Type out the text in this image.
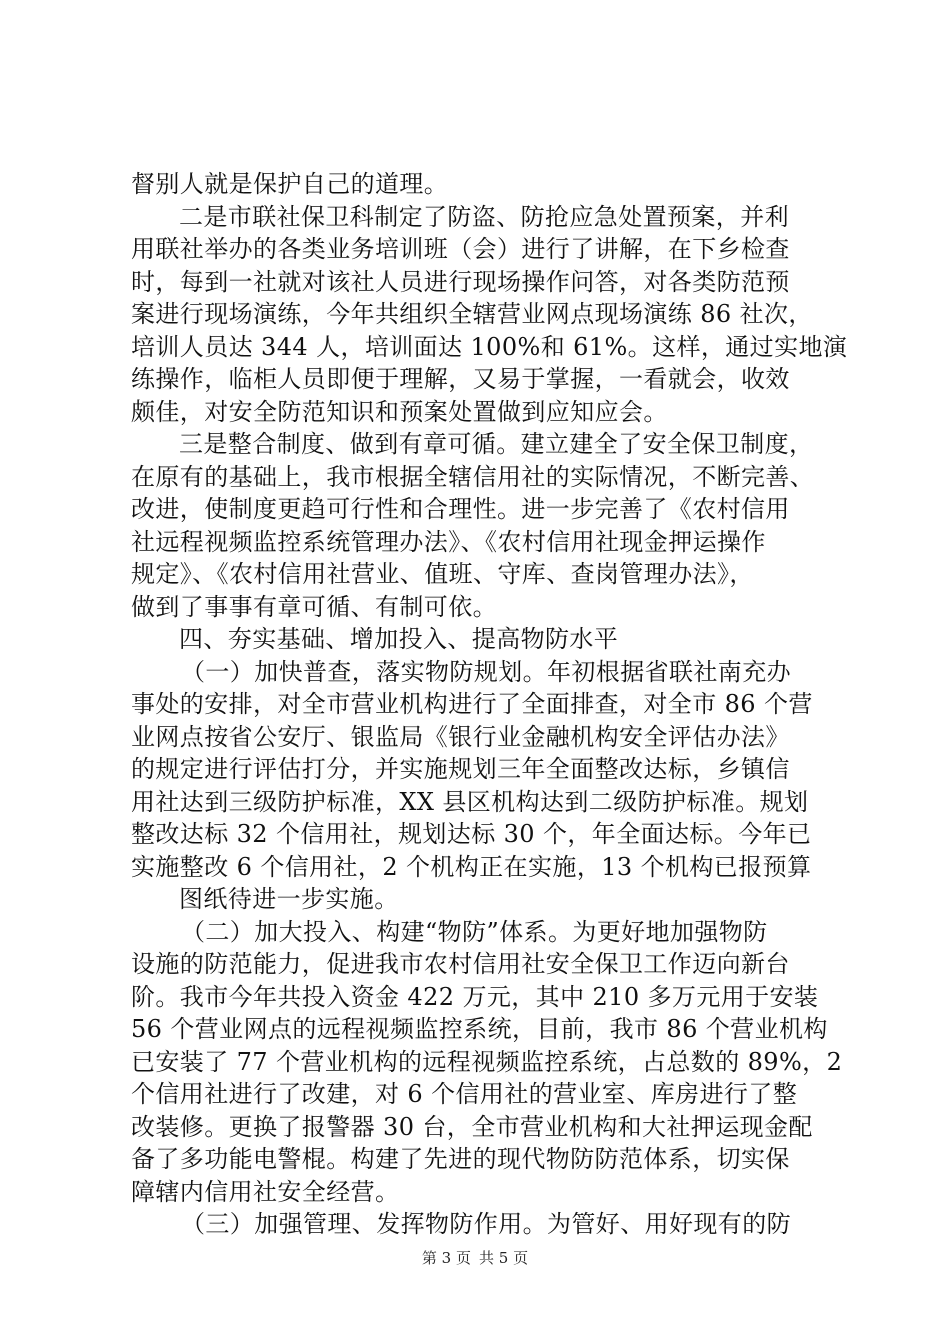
督别人就是保护自己的道理。
二是市联社保卫科制定了防盗、防抢应急处置预案，并利
用联社举办的各类业务培训班（会）进行了讲解，在下乡检查
时，每到一社就对该社人员进行现场操作问答，对各类防范预
案进行现场演练，今年共组织全辖营业网点现场演练 86 社次，
培训人员达 344 人，培训面达 100%和 61%。这样，通过实地演
练操作，临柜人员即便于理解，又易于掌握，一看就会，收效
颇佳，对安全防范知识和预案处置做到应知应会。
三是整合制度、做到有章可循。建立建全了安全保卫制度，
在原有的基础上，我市根据全辖信用社的实际情况，不断完善、
改进，使制度更趋可行性和合理性。进一步完善了《农村信用
社远程视频监控系统管理办法》、《农村信用社现金押运操作
规定》、《农村信用社营业、值班、守库、查岗管理办法》，
做到了事事有章可循、有制可依。
四、夯实基础、增加投入、提高物防水平
（一）加快普查，落实物防规划。年初根据省联社南充办
事处的安排，对全市营业机构进行了全面排查，对全市 86 个营
业网点按省公安厅、银监局《银行业金融机构安全评估办法》
的规定进行评估打分，并实施规划三年全面整改达标，乡镇信
用社达到三级防护标准，XX 县区机构达到二级防护标准。规划
整改达标 32 个信用社，规划达标 30 个，年全面达标。今年已
实施整改 6 个信用社，2 个机构正在实施，13 个机构已报预算
图纸待进一步实施。
（二）加大投入、构建“物防”体系。为更好地加强物防
设施的防范能力，促进我市农村信用社安全保卫工作迈向新台
阶。我市今年共投入资金 422 万元，其中 210 多万元用于安装
56 个营业网点的远程视频监控系统，目前，我市 86 个营业机构
已安装了 77 个营业机构的远程视频监控系统，占总数的 89%，2
个信用社进行了改建，对 6 个信用社的营业室、库房进行了整
改装修。更换了报警器 30 台，全市营业机构和大社押运现金配
备了多功能电警棍。构建了先进的现代物防防范体系，切实保
障辖内信用社安全经营。
（三）加强管理、发挥物防作用。为管好、用好现有的防
第 3 页 共 5 页
